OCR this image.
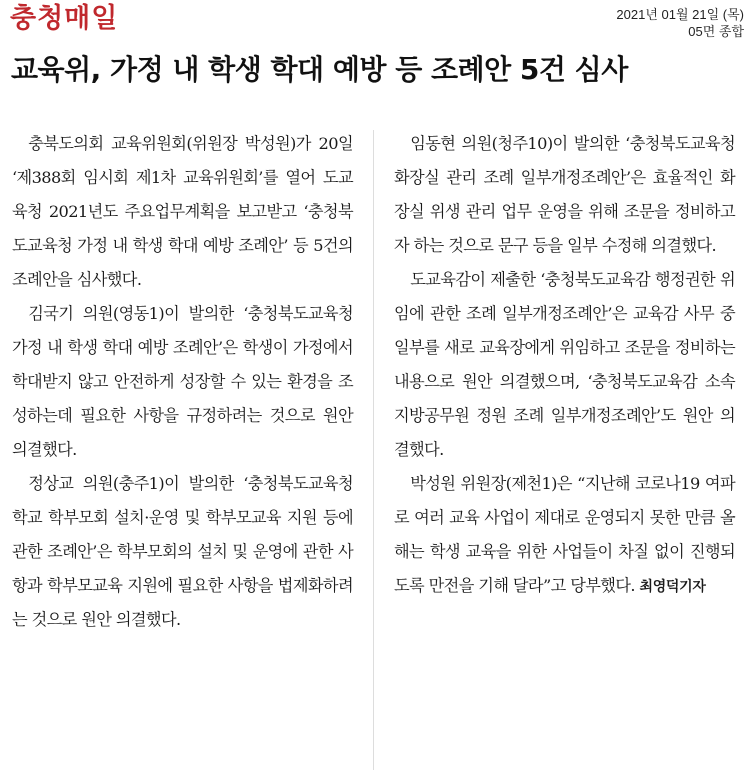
충청매일	2021년 01월 21일 (목)
05면 종합
교육위, 가정 내 학생 학대 예방 등 조례안 5건 심사

충북도의회 교육위원회(위원장 박성원)가 20일 ‘제388회 임시회 제1차 교육위원회’를 열어 도교육청 2021년도 주요업무계획을 보고받고 ‘충청북도교육청 가정 내 학생 학대 예방 조례안’ 등 5건의 조례안을 심사했다.

김국기 의원(영동1)이 발의한 ‘충청북도교육청 가정 내 학생 학대 예방 조례안’은 학생이 가정에서 학대받지 않고 안전하게 성장할 수 있는 환경을 조성하는데 필요한 사항을 규정하려는 것으로 원안 의결했다.

정상교 의원(충주1)이 발의한 ‘충청북도교육청 학교 학부모회 설치·운영 및 학부모교육 지원 등에 관한 조례안’은 학부모회의 설치 및 운영에 관한 사항과 학부모교육 지원에 필요한 사항을 법제화하려는 것으로 원안 의결했다.

임동현 의원(청주10)이 발의한 ‘충청북도교육청 화장실 관리 조례 일부개정조례안’은 효율적인 화장실 위생 관리 업무 운영을 위해 조문을 정비하고자 하는 것으로 문구 등을 일부 수정해 의결했다.

도교육감이 제출한 ‘충청북도교육감 행정권한 위임에 관한 조례 일부개정조례안’은 교육감 사무 중 일부를 새로 교육장에게 위임하고 조문을 정비하는 내용으로 원안 의결했으며, ‘충청북도교육감 소속 지방공무원 정원 조례 일부개정조례안’도 원안 의결했다.

박성원 위원장(제천1)은 “지난해 코로나19 여파로 여러 교육 사업이 제대로 운영되지 못한 만큼 올해는 학생 교육을 위한 사업들이 차질 없이 진행되도록 만전을 기해 달라”고 당부했다. 최영덕기자
